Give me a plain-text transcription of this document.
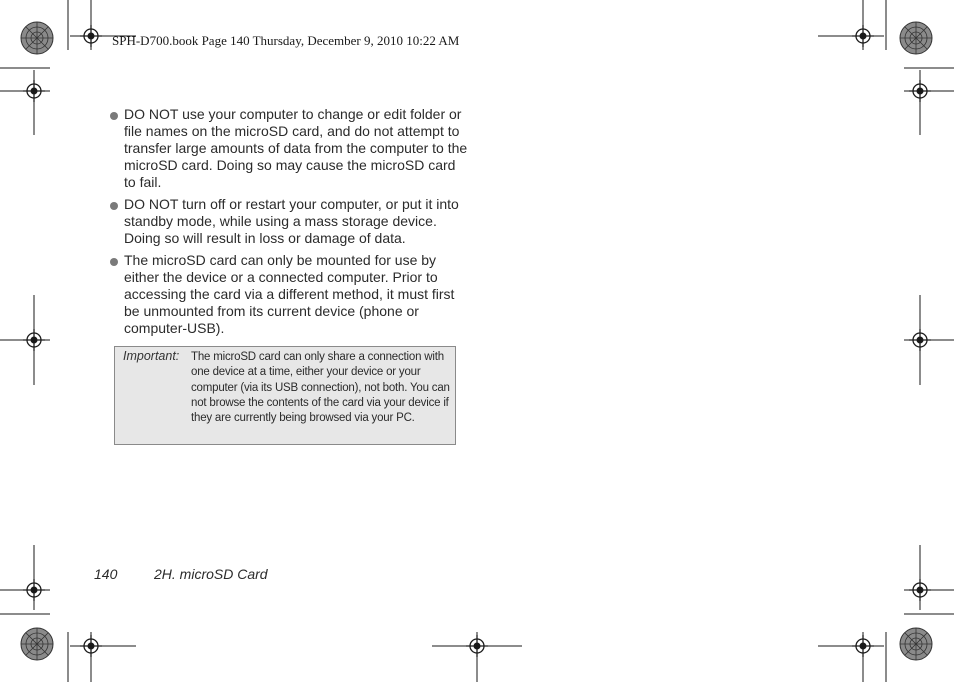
SPH-D700.book Page 140 Thursday, December 9, 2010 10:22 AM

DO NOT use your computer to change or edit folder or file names on the microSD card, and do not attempt to transfer large amounts of data from the computer to the microSD card. Doing so may cause the microSD card to fail.
DO NOT turn off or restart your computer, or put it into standby mode, while using a mass storage device. Doing so will result in loss or damage of data.
The microSD card can only be mounted for use by either the device or a connected computer. Prior to accessing the card via a different method, it must first be unmounted from its current device (phone or computer-USB).
Important: The microSD card can only share a connection with one device at a time, either your device or your computer (via its USB connection), not both. You can not browse the contents of the card via your device if they are currently being browsed via your PC.
140	2H. microSD Card
